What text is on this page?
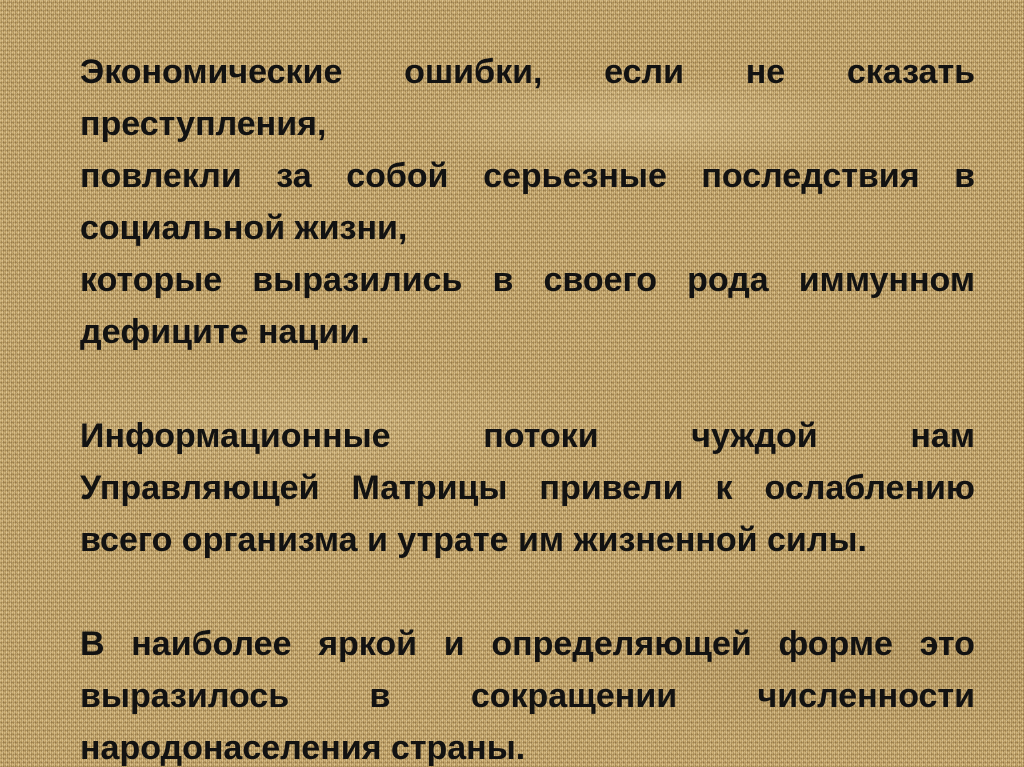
Экономические ошибки, если не сказать
преступления,
повлекли за собой серьезные последствия в
социальной жизни,
которые выразились в своего рода иммунном
дефиците нации.
Информационные	потоки	чуждой	нам
Управляющей Матрицы привели к ослаблению
всего организма и утрате им жизненной силы.
В наиболее яркой и определяющей форме это
выразилось в сокращении численности
народонаселения страны.
